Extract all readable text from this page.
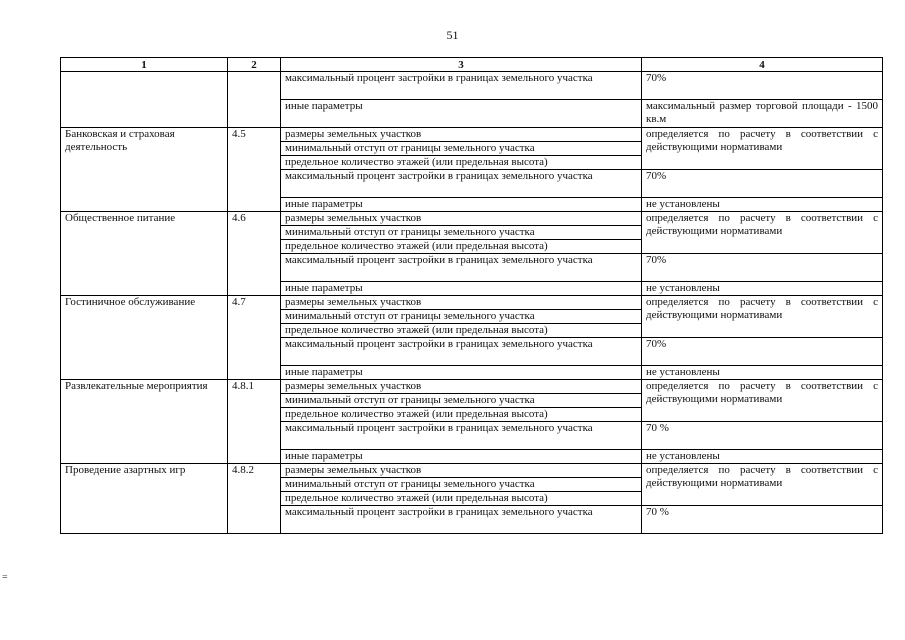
51
=
1	2	3	4
		максимальный процент застройки в границах земельного участка	70%
		иные параметры	максимальный размер торговой площади - 1500 кв.м
Банковская и страховая деятельность	4.5	размеры земельных участков	определяется по расчету в соответствии с действующими нормативами
		минимальный отступ от границы земельного участка	
		предельное количество этажей (или предельная высота)	
		максимальный процент застройки в границах земельного участка	70%
		иные параметры	не установлены
Общественное питание	4.6	размеры земельных участков	определяется по расчету в соответствии с действующими нормативами
		минимальный отступ от границы земельного участка	
		предельное количество этажей (или предельная высота)	
		максимальный процент застройки в границах земельного участка	70%
		иные параметры	не установлены
Гостиничное обслуживание	4.7	размеры земельных участков	определяется по расчету в соответствии с действующими нормативами
		минимальный отступ от границы земельного участка	
		предельное количество этажей (или предельная высота)	
		максимальный процент застройки в границах земельного участка	70%
		иные параметры	не установлены
Развлекательные мероприятия	4.8.1	размеры земельных участков	определяется по расчету в соответствии с действующими нормативами
		минимальный отступ от границы земельного участка	
		предельное количество этажей (или предельная высота)	
		максимальный процент застройки в границах земельного участка	70 %
		иные параметры	не установлены
Проведение азартных игр	4.8.2	размеры земельных участков	определяется по расчету в соответствии с действующими нормативами
		минимальный отступ от границы земельного участка	
		предельное количество этажей (или предельная высота)	
		максимальный процент застройки в границах земельного участка	70 %
